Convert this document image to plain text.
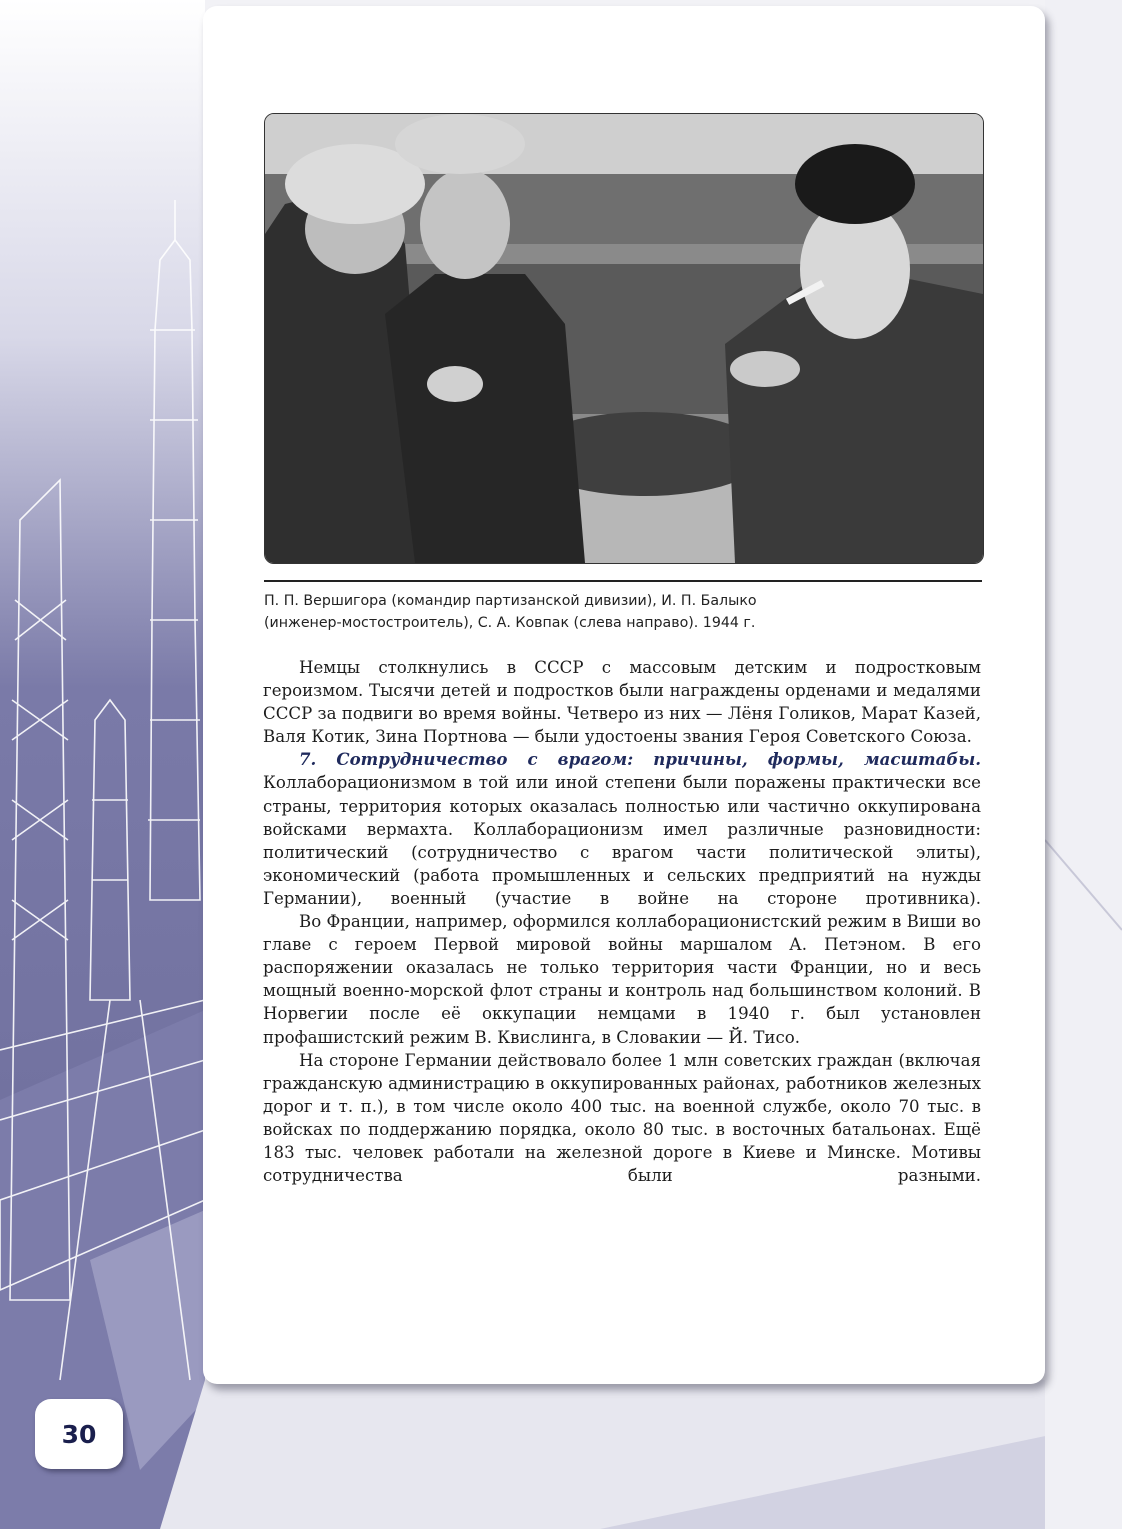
П. П. Вершигора (командир партизанской дивизии), И. П. Балыко
(инженер-мостостроитель), С. А. Ковпак (слева направо). 1944 г.

Немцы столкнулись в СССР с массовым детским и подростковым героизмом. Тысячи детей и подростков были награждены орденами и медалями СССР за подвиги во время войны. Четверо из них — Лёня Голиков, Марат Казей, Валя Котик, Зина Портнова — были удостоены звания Героя Советского Союза.

7. Сотрудничество с врагом: причины, формы, масштабы. Коллаборационизмом в той или иной степени были поражены практически все страны, территория которых оказалась полностью или частично оккупирована войсками вермахта. Коллаборационизм имел различные разновидности: политический (сотрудничество с врагом части политической элиты), экономический (работа промышленных и сельских предприятий на нужды Германии), военный (участие в войне на стороне противника).

Во Франции, например, оформился коллаборационистский режим в Виши во главе с героем Первой мировой войны маршалом А. Петэном. В его распоряжении оказалась не только территория части Франции, но и весь мощный военно-морской флот страны и контроль над большинством колоний. В Норвегии после её оккупации немцами в 1940 г. был установлен профашистский режим В. Квислинга, в Словакии — Й. Тисо.

На стороне Германии действовало более 1 млн советских граждан (включая гражданскую администрацию в оккупированных районах, работников железных дорог и т. п.), в том числе около 400 тыс. на военной службе, около 70 тыс. в войсках по поддержанию порядка, около 80 тыс. в восточных батальонах. Ещё 183 тыс. человек работали на железной дороге в Киеве и Минске. Мотивы сотрудничества были разными.

30
